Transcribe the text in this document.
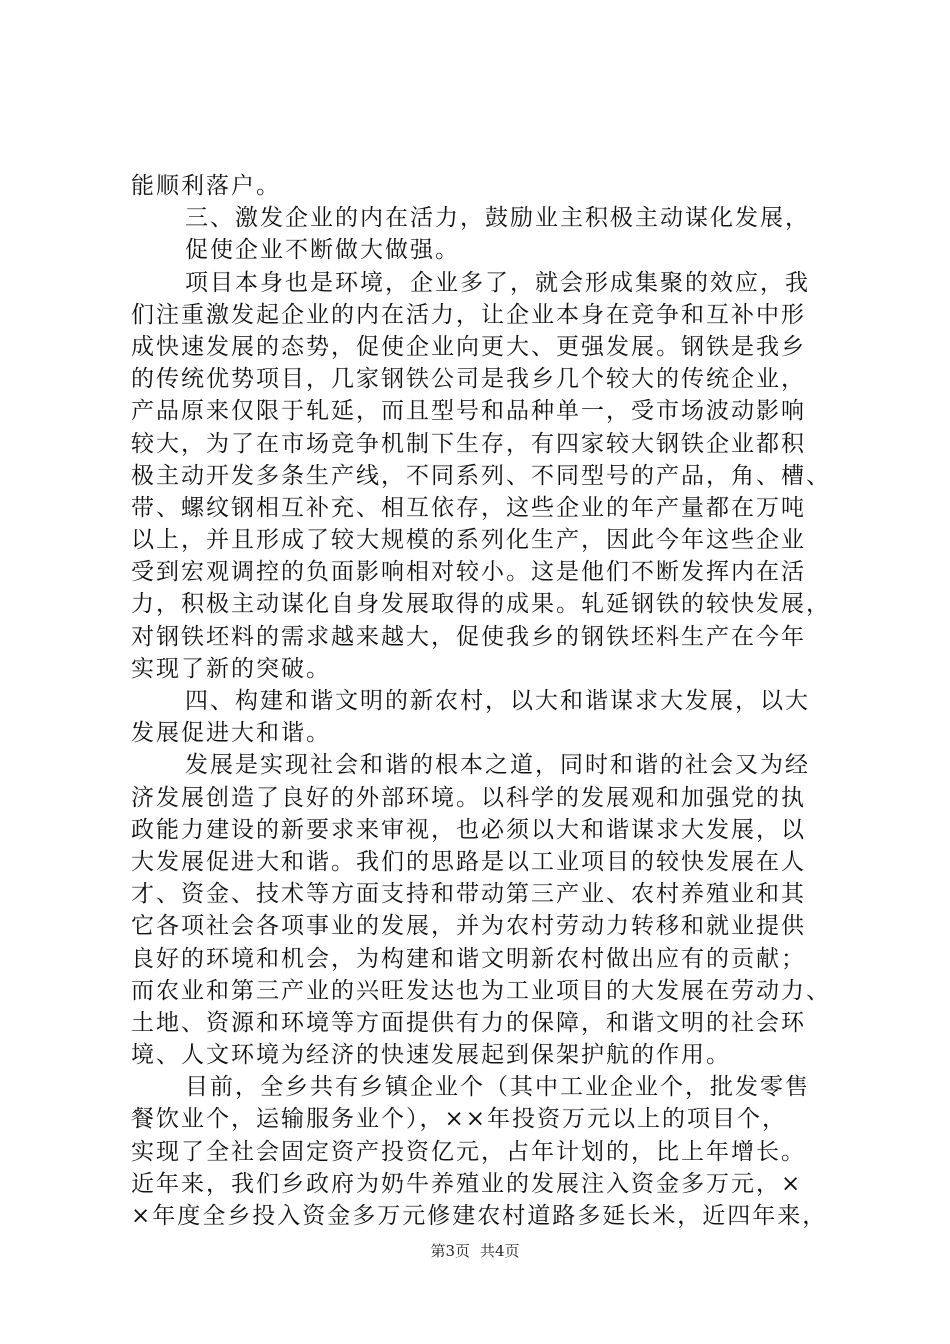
能顺利落户。
三、激发企业的内在活力，鼓励业主积极主动谋化发展，
促使企业不断做大做强。
项目本身也是环境，企业多了，就会形成集聚的效应，我
们注重激发起企业的内在活力，让企业本身在竞争和互补中形
成快速发展的态势，促使企业向更大、更强发展。钢铁是我乡
的传统优势项目，几家钢铁公司是我乡几个较大的传统企业，
产品原来仅限于轧延，而且型号和品种单一，受市场波动影响
较大，为了在市场竞争机制下生存，有四家较大钢铁企业都积
极主动开发多条生产线，不同系列、不同型号的产品，角、槽、
带、螺纹钢相互补充、相互依存，这些企业的年产量都在万吨
以上，并且形成了较大规模的系列化生产，因此今年这些企业
受到宏观调控的负面影响相对较小。这是他们不断发挥内在活
力，积极主动谋化自身发展取得的成果。轧延钢铁的较快发展，
对钢铁坯料的需求越来越大，促使我乡的钢铁坯料生产在今年
实现了新的突破。
四、构建和谐文明的新农村，以大和谐谋求大发展，以大
发展促进大和谐。
发展是实现社会和谐的根本之道，同时和谐的社会又为经
济发展创造了良好的外部环境。以科学的发展观和加强党的执
政能力建设的新要求来审视，也必须以大和谐谋求大发展，以
大发展促进大和谐。我们的思路是以工业项目的较快发展在人
才、资金、技术等方面支持和带动第三产业、农村养殖业和其
它各项社会各项事业的发展，并为农村劳动力转移和就业提供
良好的环境和机会，为构建和谐文明新农村做出应有的贡献；
而农业和第三产业的兴旺发达也为工业项目的大发展在劳动力、
土地、资源和环境等方面提供有力的保障，和谐文明的社会环
境、人文环境为经济的快速发展起到保架护航的作用。
目前，全乡共有乡镇企业个（其中工业企业个，批发零售
餐饮业个，运输服务业个），××年投资万元以上的项目个，
实现了全社会固定资产投资亿元，占年计划的，比上年增长。
近年来，我们乡政府为奶牛养殖业的发展注入资金多万元，×
×年度全乡投入资金多万元修建农村道路多延长米，近四年来，
第3页 共4页
